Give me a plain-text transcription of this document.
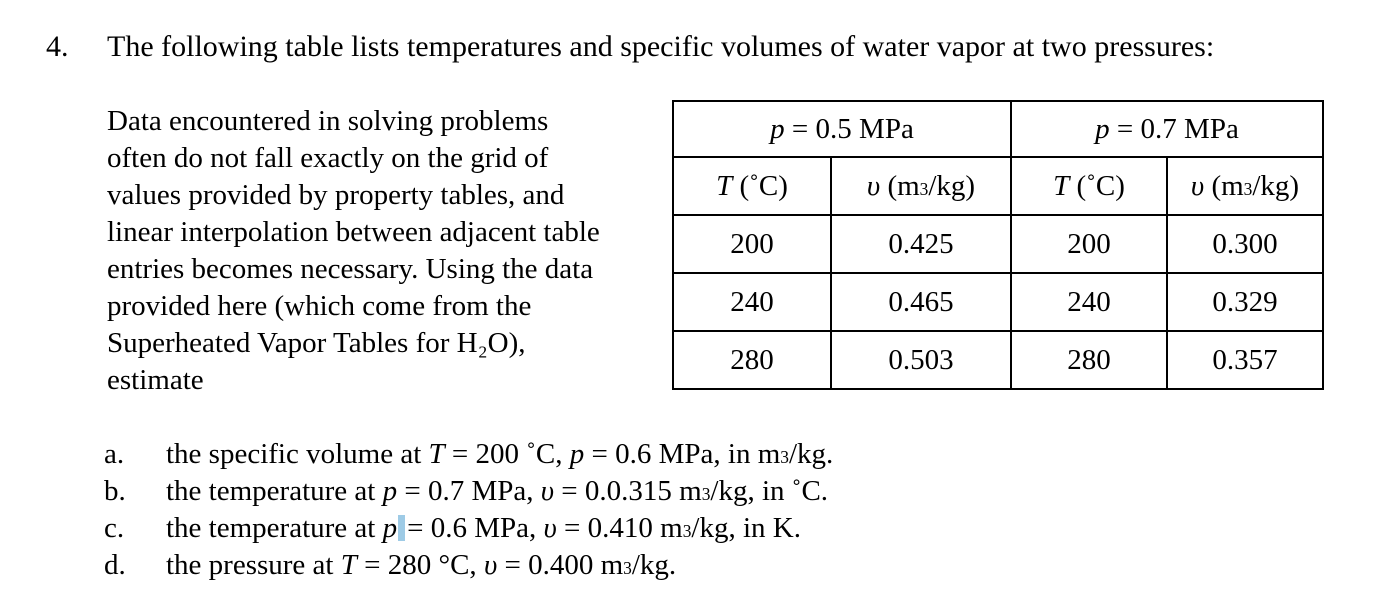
4. The following table lists temperatures and specific volumes of water vapor at two pressures:
Data encountered in solving problems
often do not fall exactly on the grid of
values provided by property tables, and
linear interpolation between adjacent table
entries becomes necessary. Using the data
provided here (which come from the
Superheated Vapor Tables for H₂O),
estimate
p = 0.5 MPa		p = 0.7 MPa	
T (˚C)	υ $(m^3/kg)$	T (˚C)	υ $(m^3/kg)$
200	0.425	200	0.300
240	0.465	240	0.329
280	0.503	280	0.357
a.	the specific volume at T = 200 ˚C, p = 0.6 MPa, in $m^3/kg$.
b.	the temperature at p = 0.7 MPa, υ = 0.0.315 $m^3/kg$, in ˚C.
c.	the temperature at p = 0.6 MPa, υ = 0.410 $m^3/kg$, in K.
d.	the pressure at T = 280 °C, υ = 0.400 $m^3/kg$.
